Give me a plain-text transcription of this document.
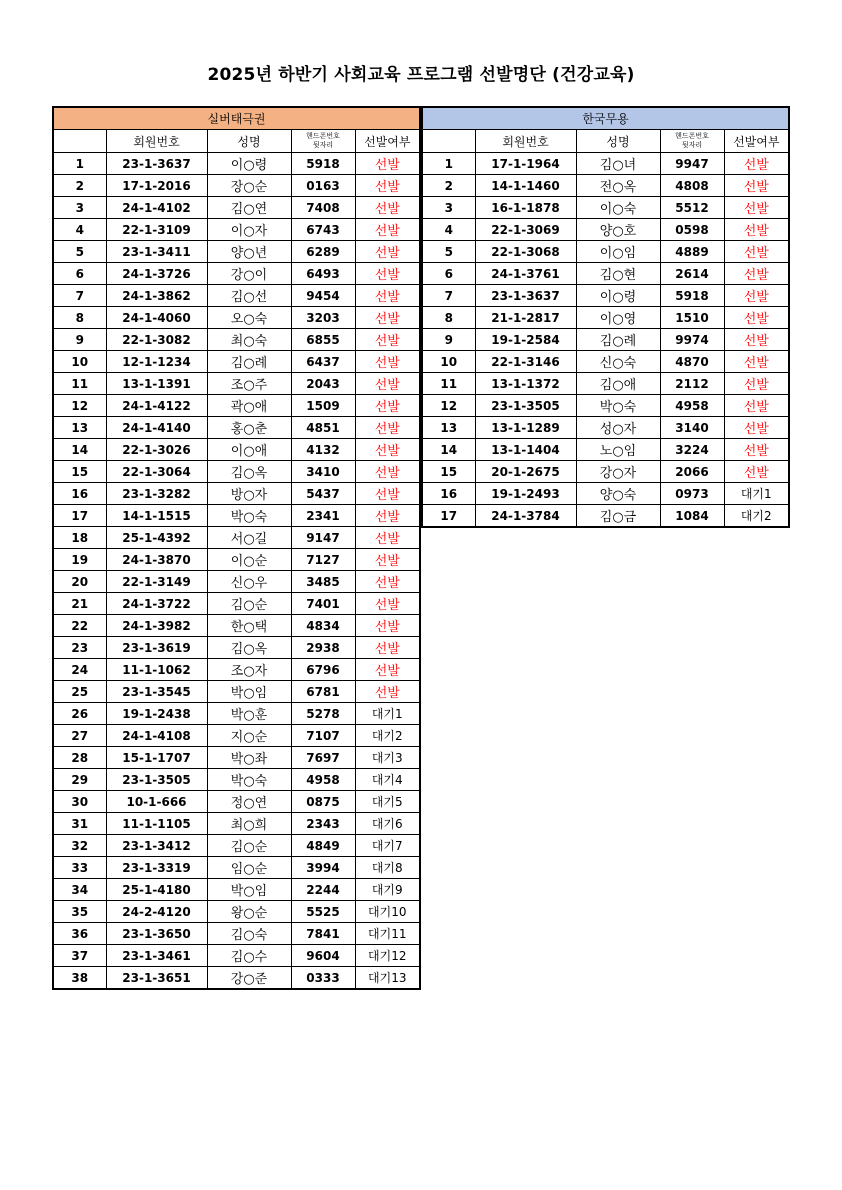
2025년 하반기 사회교육 프로그램 선발명단 (건강교육)
실버태극권				
	회원번호	성명	핸드폰번호
뒷자리	선발여부
1	23-1-3637	이○령	5918	선발
2	17-1-2016	장○순	0163	선발
3	24-1-4102	김○연	7408	선발
4	22-1-3109	이○자	6743	선발
5	23-1-3411	양○년	6289	선발
6	24-1-3726	강○이	6493	선발
7	24-1-3862	김○선	9454	선발
8	24-1-4060	오○숙	3203	선발
9	22-1-3082	최○숙	6855	선발
10	12-1-1234	김○례	6437	선발
11	13-1-1391	조○주	2043	선발
12	24-1-4122	곽○애	1509	선발
13	24-1-4140	홍○춘	4851	선발
14	22-1-3026	이○애	4132	선발
15	22-1-3064	김○옥	3410	선발
16	23-1-3282	방○자	5437	선발
17	14-1-1515	박○숙	2341	선발
18	25-1-4392	서○길	9147	선발
19	24-1-3870	이○순	7127	선발
20	22-1-3149	신○우	3485	선발
21	24-1-3722	김○순	7401	선발
22	24-1-3982	한○택	4834	선발
23	23-1-3619	김○옥	2938	선발
24	11-1-1062	조○자	6796	선발
25	23-1-3545	박○임	6781	선발
26	19-1-2438	박○훈	5278	대기1
27	24-1-4108	지○순	7107	대기2
28	15-1-1707	박○좌	7697	대기3
29	23-1-3505	박○숙	4958	대기4
30	10-1-666	정○연	0875	대기5
31	11-1-1105	최○희	2343	대기6
32	23-1-3412	김○순	4849	대기7
33	23-1-3319	임○순	3994	대기8
34	25-1-4180	박○임	2244	대기9
35	24-2-4120	왕○순	5525	대기10
36	23-1-3650	김○숙	7841	대기11
37	23-1-3461	김○수	9604	대기12
38	23-1-3651	강○준	0333	대기13
한국무용				
	회원번호	성명	핸드폰번호
뒷자리	선발여부
1	17-1-1964	김○녀	9947	선발
2	14-1-1460	전○옥	4808	선발
3	16-1-1878	이○숙	5512	선발
4	22-1-3069	양○호	0598	선발
5	22-1-3068	이○임	4889	선발
6	24-1-3761	김○현	2614	선발
7	23-1-3637	이○령	5918	선발
8	21-1-2817	이○영	1510	선발
9	19-1-2584	김○례	9974	선발
10	22-1-3146	신○숙	4870	선발
11	13-1-1372	김○애	2112	선발
12	23-1-3505	박○숙	4958	선발
13	13-1-1289	성○자	3140	선발
14	13-1-1404	노○임	3224	선발
15	20-1-2675	강○자	2066	선발
16	19-1-2493	양○숙	0973	대기1
17	24-1-3784	김○금	1084	대기2
